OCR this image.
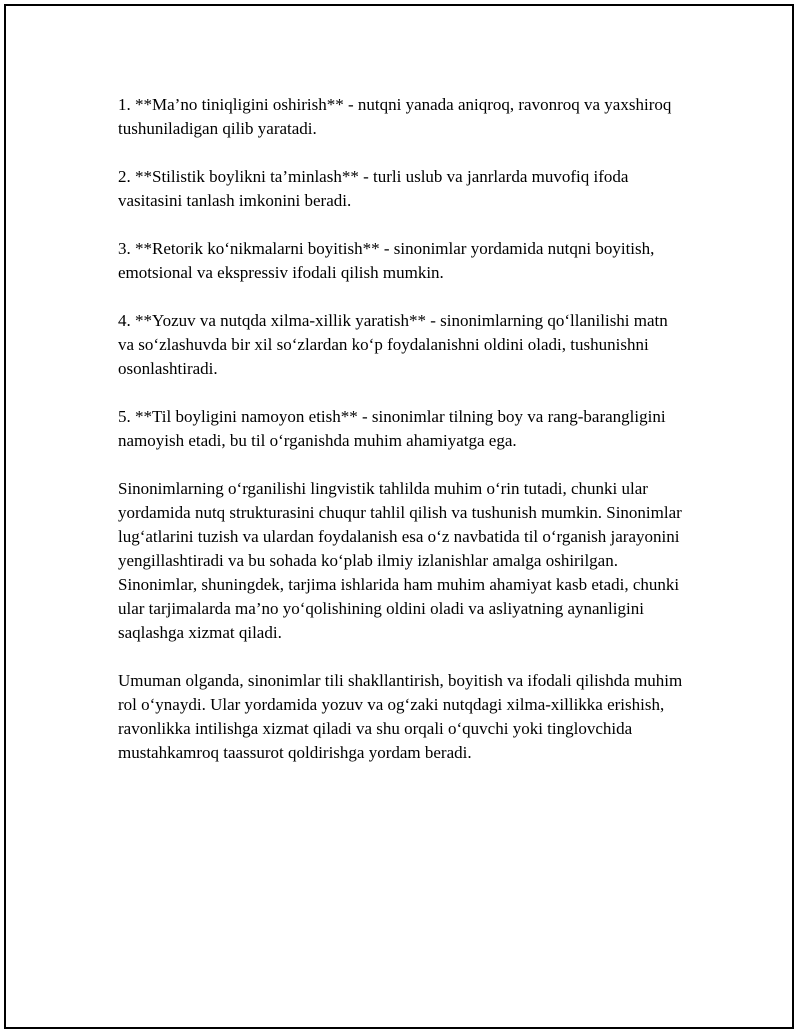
1. **Ma’no tiniqligini oshirish** - nutqni yanada aniqroq, ravonroq va yaxshiroq tushuniladigan qilib yaratadi.

2. **Stilistik boylikni ta’minlash** - turli uslub va janrlarda muvofiq ifoda vasitasini tanlash imkonini beradi.

3. **Retorik ko‘nikmalarni boyitish** - sinonimlar yordamida nutqni boyitish, emotsional va ekspressiv ifodali qilish mumkin.

4. **Yozuv va nutqda xilma-xillik yaratish** - sinonimlarning qo‘llanilishi matn va so‘zlashuvda bir xil so‘zlardan ko‘p foydalanishni oldini oladi, tushunishni osonlashtiradi.

5. **Til boyligini namoyon etish** - sinonimlar tilning boy va rang-barangligini namoyish etadi, bu til o‘rganishda muhim ahamiyatga ega.

Sinonimlarning o‘rganilishi lingvistik tahlilda muhim o‘rin tutadi, chunki ular yordamida nutq strukturasini chuqur tahlil qilish va tushunish mumkin. Sinonimlar lug‘atlarini tuzish va ulardan foydalanish esa o‘z navbatida til o‘rganish jarayonini yengillashtiradi va bu sohada ko‘plab ilmiy izlanishlar amalga oshirilgan. Sinonimlar, shuningdek, tarjima ishlarida ham muhim ahamiyat kasb etadi, chunki ular tarjimalarda ma’no yo‘qolishining oldini oladi va asliyatning aynanligini saqlashga xizmat qiladi.

Umuman olganda, sinonimlar tili shakllantirish, boyitish va ifodali qilishda muhim rol o‘ynaydi. Ular yordamida yozuv va og‘zaki nutqdagi xilma-xillikka erishish, ravonlikka intilishga xizmat qiladi va shu orqali o‘quvchi yoki tinglovchida mustahkamroq taassurot qoldirishga yordam beradi.
